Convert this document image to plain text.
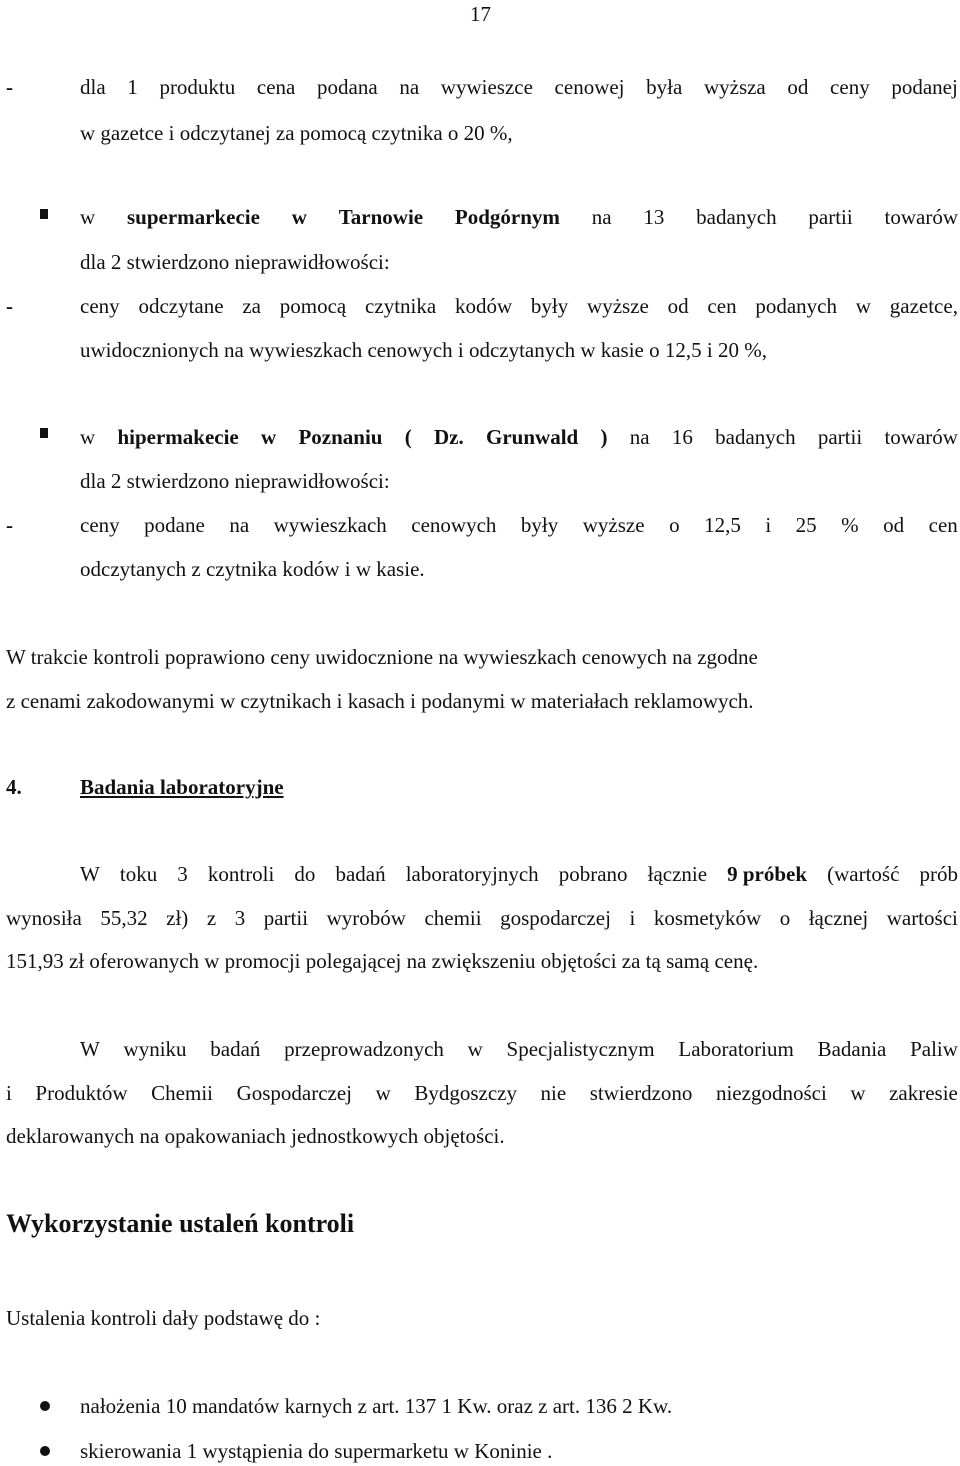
17
-	dla 1 produktu cena podana na wywieszce cenowej była wyższa od ceny podanej
w gazetce i odczytanej za pomocą czytnika o 20 %,
w supermarkecie w Tarnowie Podgórnym na 13 badanych partii towarów
dla 2 stwierdzono nieprawidłowości:
-	ceny odczytane za pomocą czytnika kodów były wyższe od cen podanych w gazetce,
uwidocznionych na wywieszkach cenowych i odczytanych w kasie o 12,5 i 20 %,
w hipermakecie w Poznaniu ( Dz. Grunwald ) na 16 badanych partii towarów
dla 2 stwierdzono nieprawidłowości:
-	ceny podane na wywieszkach cenowych były wyższe o 12,5 i 25 % od cen
odczytanych z czytnika kodów i w kasie.
W trakcie kontroli poprawiono ceny uwidocznione na wywieszkach cenowych na zgodne
z cenami zakodowanymi w czytnikach i kasach i podanymi w materiałach reklamowych.
4.	Badania laboratoryjne
W toku 3 kontroli do badań laboratoryjnych pobrano łącznie 9 próbek (wartość prób
wynosiła 55,32 zł) z 3 partii wyrobów chemii gospodarczej i kosmetyków o łącznej wartości
151,93 zł oferowanych w promocji polegającej na zwiększeniu objętości za tą samą cenę.
W wyniku badań przeprowadzonych w Specjalistycznym Laboratorium Badania Paliw
i Produktów Chemii Gospodarczej w Bydgoszczy nie stwierdzono niezgodności w zakresie
deklarowanych na opakowaniach jednostkowych objętości.
Wykorzystanie ustaleń kontroli
Ustalenia kontroli dały podstawę do :
nałożenia 10 mandatów karnych z art. 137 1 Kw. oraz z art. 136 2 Kw.
skierowania 1 wystąpienia do supermarketu w Koninie .
